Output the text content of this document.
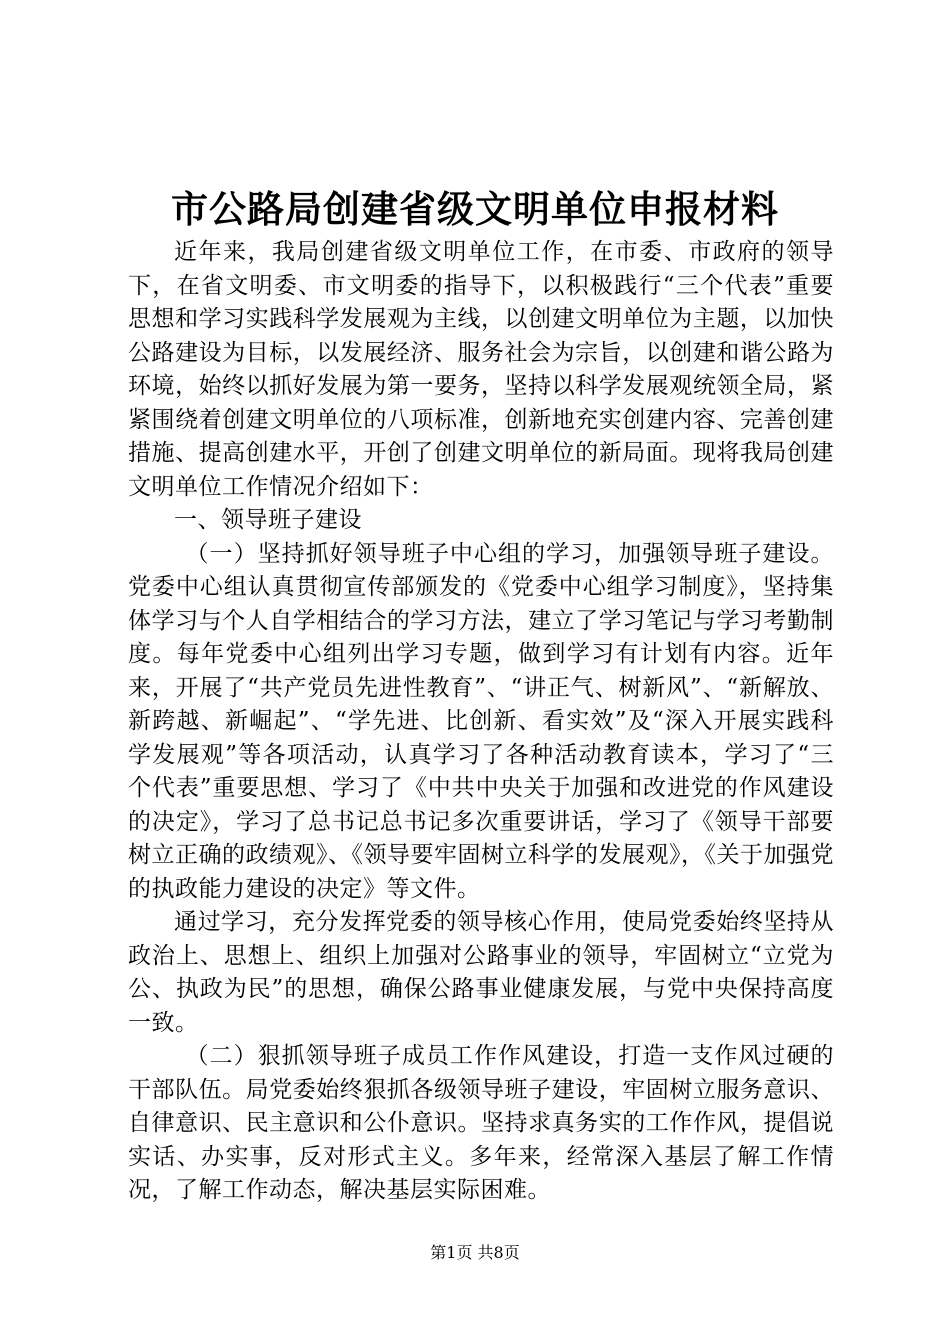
市公路局创建省级文明单位申报材料

近年来，我局创建省级文明单位工作，在市委、市政府的领导下，在省文明委、市文明委的指导下，以积极践行“三个代表”重要思想和学习实践科学发展观为主线，以创建文明单位为主题，以加快公路建设为目标，以发展经济、服务社会为宗旨，以创建和谐公路为环境，始终以抓好发展为第一要务，坚持以科学发展观统领全局，紧紧围绕着创建文明单位的八项标准，创新地充实创建内容、完善创建措施、提高创建水平，开创了创建文明单位的新局面。现将我局创建文明单位工作情况介绍如下：

一、领导班子建设

（一）坚持抓好领导班子中心组的学习，加强领导班子建设。党委中心组认真贯彻宣传部颁发的《党委中心组学习制度》，坚持集体学习与个人自学相结合的学习方法，建立了学习笔记与学习考勤制度。每年党委中心组列出学习专题，做到学习有计划有内容。近年来，开展了“共产党员先进性教育”、“讲正气、树新风”、“新解放、新跨越、新崛起”、“学先进、比创新、看实效”及“深入开展实践科学发展观”等各项活动，认真学习了各种活动教育读本，学习了“三个代表”重要思想、学习了《中共中央关于加强和改进党的作风建设的决定》，学习了总书记总书记多次重要讲话，学习了《领导干部要树立正确的政绩观》、《领导要牢固树立科学的发展观》，《关于加强党的执政能力建设的决定》等文件。

通过学习，充分发挥党委的领导核心作用，使局党委始终坚持从政治上、思想上、组织上加强对公路事业的领导，牢固树立“立党为公、执政为民”的思想，确保公路事业健康发展，与党中央保持高度一致。

（二）狠抓领导班子成员工作作风建设，打造一支作风过硬的干部队伍。局党委始终狠抓各级领导班子建设，牢固树立服务意识、自律意识、民主意识和公仆意识。坚持求真务实的工作作风，提倡说实话、办实事，反对形式主义。多年来，经常深入基层了解工作情况，了解工作动态，解决基层实际困难。

第1页 共8页
